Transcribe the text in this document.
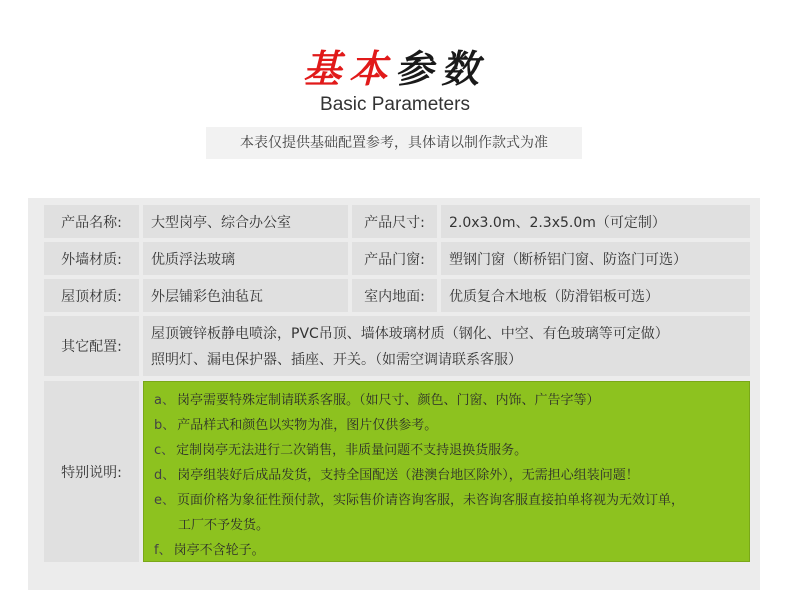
基本参数
Basic Parameters
本表仅提供基础配置参考，具体请以制作款式为准
产品名称:	大型岗亭、综合办公室	产品尺寸:	2.0x3.0m、2.3x5.0m（可定制）
外墙材质:	优质浮法玻璃	产品门窗:	塑钢门窗（断桥铝门窗、防盗门可选）
屋顶材质:	外层铺彩色油毡瓦	室内地面:	优质复合木地板（防滑铝板可选）
其它配置:
屋顶镀锌板静电喷涂，PVC吊顶、墙体玻璃材质（钢化、中空、有色玻璃等可定做）
照明灯、漏电保护器、插座、开关。（如需空调请联系客服）
特别说明:
a、 岗亭需要特殊定制请联系客服。（如尺寸、颜色、门窗、内饰、广告字等）
b、 产品样式和颜色以实物为准，图片仅供参考。
c、 定制岗亭无法进行二次销售，非质量问题不支持退换货服务。
d、 岗亭组装好后成品发货，支持全国配送（港澳台地区除外），无需担心组装问题！
e、 页面价格为象征性预付款，实际售价请咨询客服，未咨询客服直接拍单将视为无效订单，
工厂不予发货。
f、 岗亭不含轮子。
